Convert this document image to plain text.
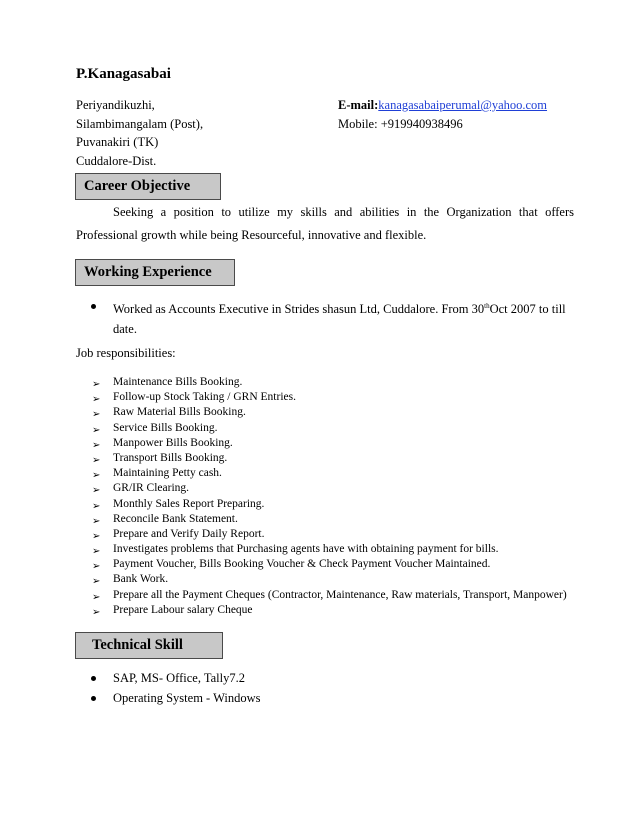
P.Kanagasabai
Periyandikuzhi,
Silambimangalam (Post),
Puvanakiri (TK)
Cuddalore-Dist.
E-mail:kanagasabaiperumal@yahoo.com
Mobile: +919940938496
Career Objective
Seeking a position to utilize my skills and abilities in the Organization that offers Professional growth while being Resourceful, innovative and flexible.
Working Experience
Worked as Accounts Executive in Strides shasun Ltd, Cuddalore. From 30thOct 2007 to till date.
Job responsibilities:
➢ Maintenance Bills Booking.
➢ Follow-up Stock Taking / GRN Entries.
➢ Raw Material Bills Booking.
➢ Service Bills Booking.
➢ Manpower Bills Booking.
➢ Transport Bills Booking.
➢ Maintaining Petty cash.
➢ GR/IR Clearing.
➢ Monthly Sales Report Preparing.
➢ Reconcile Bank Statement.
➢ Prepare and Verify Daily Report.
➢ Investigates problems that Purchasing agents have with obtaining payment for bills.
➢ Payment Voucher, Bills Booking Voucher & Check Payment Voucher Maintained.
➢ Bank Work.
➢ Prepare all the Payment Cheques (Contractor, Maintenance, Raw materials, Transport, Manpower)
➢ Prepare Labour salary Cheque
Technical Skill
SAP, MS- Office, Tally7.2
Operating System - Windows
